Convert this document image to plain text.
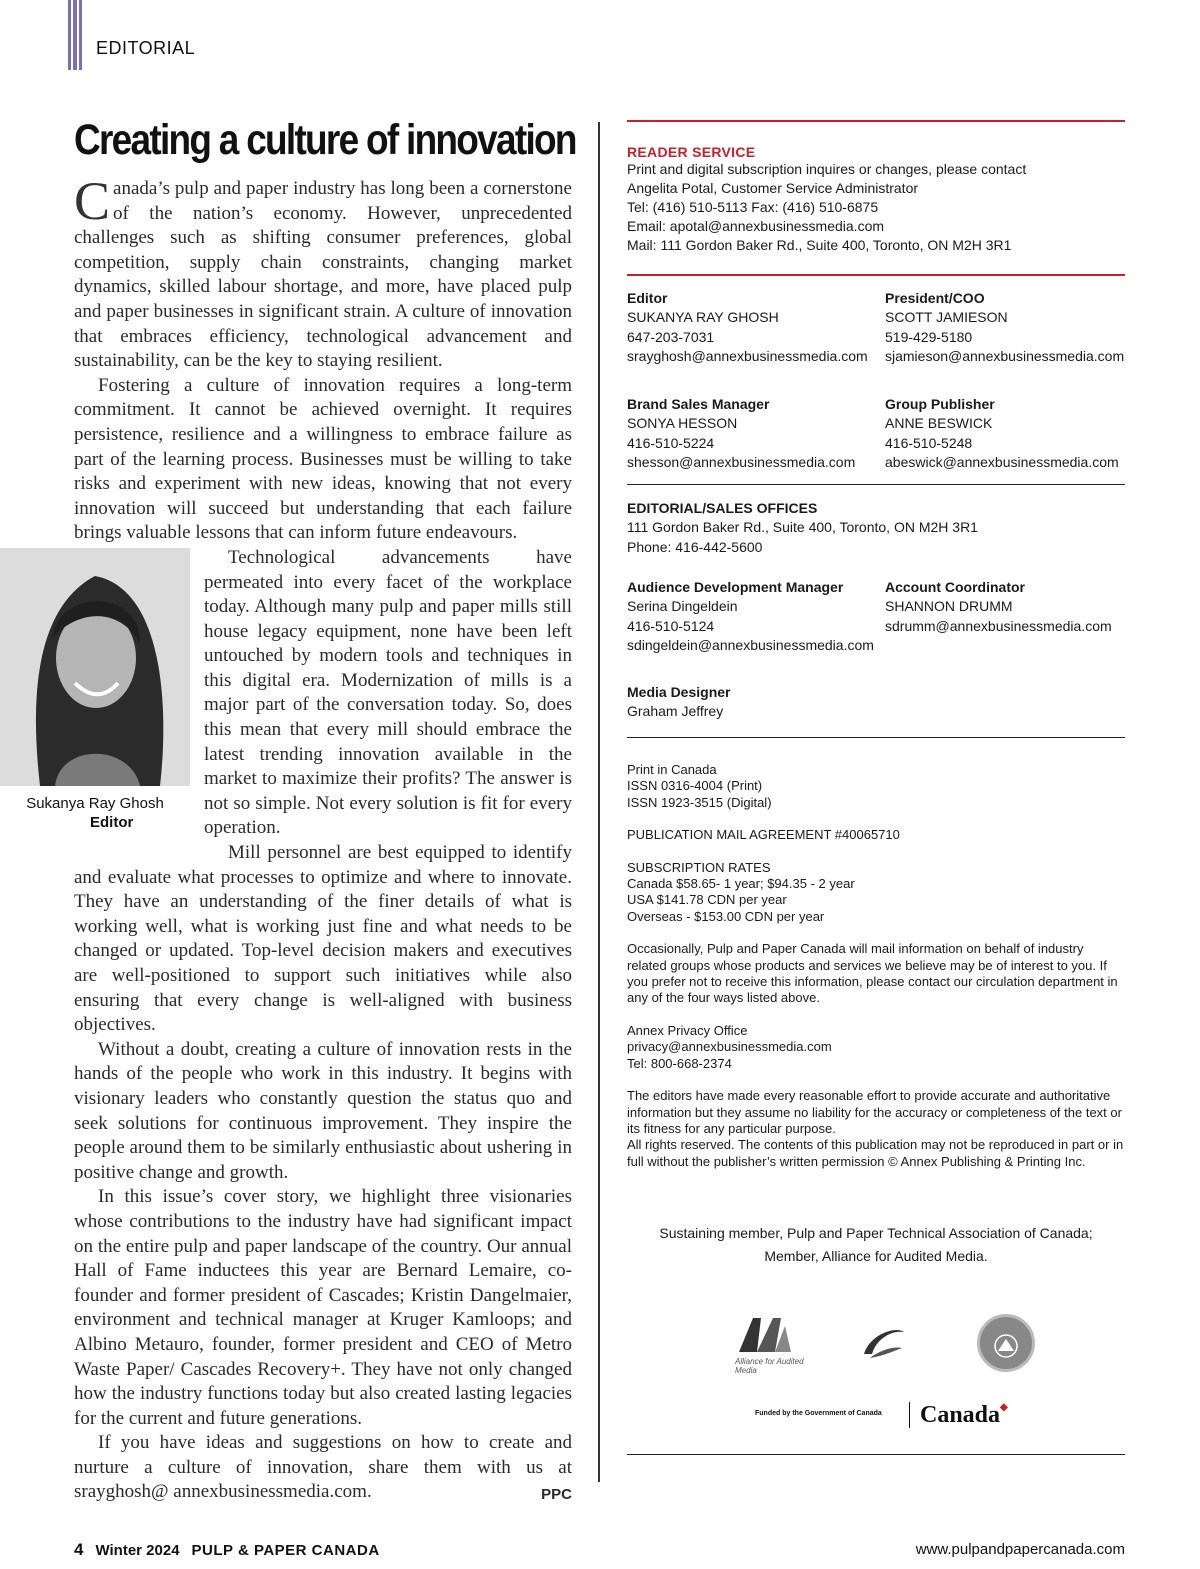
EDITORIAL
Creating a culture of innovation

Canada’s pulp and paper industry has long been a cornerstone of the nation’s economy. However, unprecedented challenges such as shifting consumer preferences, global competition, supply chain constraints, changing market dynamics, skilled labour shortage, and more, have placed pulp and paper businesses in significant strain. A culture of innovation that embraces efficiency, technological advancement and sustainability, can be the key to staying resilient.

Fostering a culture of innovation requires a long-term commitment. It cannot be achieved overnight. It requires persistence, resilience and a willingness to embrace failure as part of the learning process. Businesses must be willing to take risks and experiment with new ideas, knowing that not every innovation will succeed but understanding that each failure brings valuable lessons that can inform future endeavours.

Sukanya Ray Ghosh
Editor

Technological advancements have permeated into every facet of the workplace today. Although many pulp and paper mills still house legacy equipment, none have been left untouched by modern tools and techniques in this digital era. Modernization of mills is a major part of the conversation today. So, does this mean that every mill should embrace the latest trending innovation available in the market to maximize their profits? The answer is not so simple. Not every solution is fit for every operation.

Mill personnel are best equipped to identify and evaluate what processes to optimize and where to innovate. They have an understanding of the finer details of what is working well, what is working just fine and what needs to be changed or updated. Top-level decision makers and executives are well-positioned to support such initiatives while also ensuring that every change is well-aligned with business objectives.

Without a doubt, creating a culture of innovation rests in the hands of the people who work in this industry. It begins with visionary leaders who constantly question the status quo and seek solutions for continuous improvement. They inspire the people around them to be similarly enthusiastic about ushering in positive change and growth.

In this issue’s cover story, we highlight three visionaries whose contributions to the industry have had significant impact on the entire pulp and paper landscape of the country. Our annual Hall of Fame inductees this year are Bernard Lemaire, co-founder and former president of Cascades; Kristin Dangelmaier, environment and technical manager at Kruger Kamloops; and Albino Metauro, founder, former president and CEO of Metro Waste Paper/ Cascades Recovery+. They have not only changed how the industry functions today but also created lasting legacies for the current and future generations.

If you have ideas and suggestions on how to create and nurture a culture of innovation, share them with us at srayghosh@ annexbusinessmedia.com.	PPC

READER SERVICE
Print and digital subscription inquires or changes, please contact
Angelita Potal, Customer Service Administrator
Tel: (416) 510-5113 Fax: (416) 510-6875
Email: apotal@annexbusinessmedia.com
Mail: 111 Gordon Baker Rd., Suite 400, Toronto, ON M2H 3R1
Editor
SUKANYA RAY GHOSH
647-203-7031
srayghosh@annexbusinessmedia.com
President/COO
SCOTT JAMIESON
519-429-5180
sjamieson@annexbusinessmedia.com
Brand Sales Manager
SONYA HESSON
416-510-5224
shesson@annexbusinessmedia.com
Group Publisher
ANNE BESWICK
416-510-5248
abeswick@annexbusinessmedia.com
EDITORIAL/SALES OFFICES
111 Gordon Baker Rd., Suite 400, Toronto, ON M2H 3R1
Phone: 416-442-5600
Audience Development Manager
Serina Dingeldein
416-510-5124
sdingeldein@annexbusinessmedia.com
Account Coordinator
SHANNON DRUMM
sdrumm@annexbusinessmedia.com
Media Designer
Graham Jeffrey
Print in Canada
ISSN 0316-4004 (Print)
ISSN 1923-3515 (Digital)
PUBLICATION MAIL AGREEMENT #40065710
SUBSCRIPTION RATES
Canada $58.65- 1 year; $94.35 - 2 year
USA $141.78 CDN per year
Overseas - $153.00 CDN per year
Occasionally, Pulp and Paper Canada will mail information on behalf of industry related groups whose products and services we believe may be of interest to you. If you prefer not to receive this information, please contact our circulation department in any of the four ways listed above.
Annex Privacy Office
privacy@annexbusinessmedia.com
Tel: 800-668-2374
The editors have made every reasonable effort to provide accurate and authoritative information but they assume no liability for the accuracy or completeness of the text or its fitness for any particular purpose.
All rights reserved. The contents of this publication may not be reproduced in part or in full without the publisher’s written permission © Annex Publishing & Printing Inc.
Sustaining member, Pulp and Paper Technical Association of Canada;
Member, Alliance for Audited Media.
Alliance for Audited Media
Funded by the Government of Canada Canada◆
4 Winter 2024 PULP & PAPER CANADA	www.pulpandpapercanada.com
